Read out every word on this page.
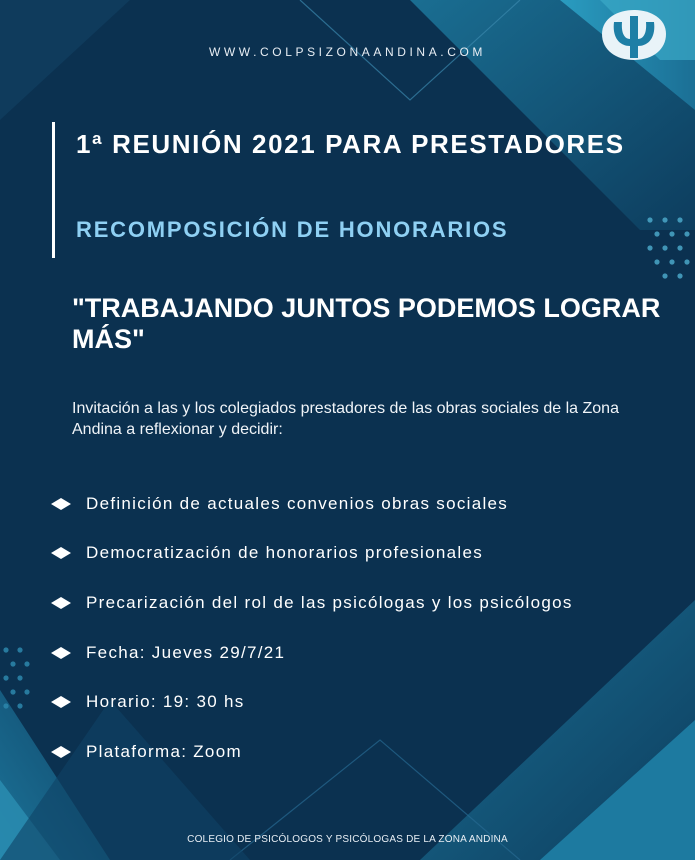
WWW.COLPSIZONAANDINA.COM
1ª REUNIÓN 2021 PARA PRESTADORES
RECOMPOSICIÓN DE HONORARIOS
"TRABAJANDO JUNTOS PODEMOS LOGRAR MÁS"

Invitación a las y los colegiados prestadores de las obras sociales de la Zona Andina a reflexionar y decidir:

Definición de actuales convenios obras sociales
Democratización de honorarios profesionales
Precarización del rol de las psicólogas y los psicólogos
Fecha: Jueves 29/7/21
Horario: 19: 30 hs
Plataforma: Zoom
COLEGIO DE PSICÓLOGOS Y PSICÓLOGAS DE LA ZONA ANDINA
